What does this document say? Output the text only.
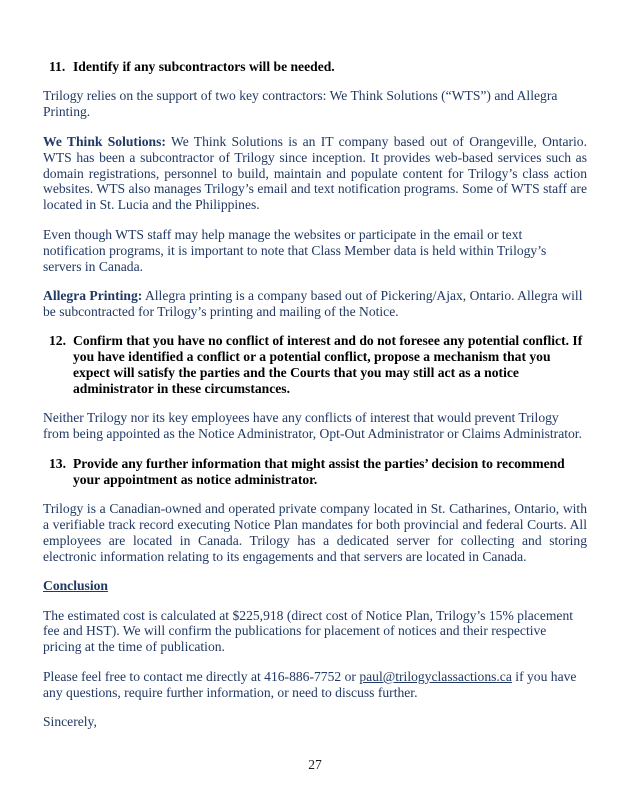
11. Identify if any subcontractors will be needed.
Trilogy relies on the support of two key contractors: We Think Solutions (“WTS”) and Allegra Printing.
We Think Solutions: We Think Solutions is an IT company based out of Orangeville, Ontario. WTS has been a subcontractor of Trilogy since inception. It provides web-based services such as domain registrations, personnel to build, maintain and populate content for Trilogy’s class action websites. WTS also manages Trilogy’s email and text notification programs. Some of WTS staff are located in St. Lucia and the Philippines.
Even though WTS staff may help manage the websites or participate in the email or text notification programs, it is important to note that Class Member data is held within Trilogy’s servers in Canada.
Allegra Printing: Allegra printing is a company based out of Pickering/Ajax, Ontario. Allegra will be subcontracted for Trilogy’s printing and mailing of the Notice.
12. Confirm that you have no conflict of interest and do not foresee any potential conflict. If you have identified a conflict or a potential conflict, propose a mechanism that you expect will satisfy the parties and the Courts that you may still act as a notice administrator in these circumstances.
Neither Trilogy nor its key employees have any conflicts of interest that would prevent Trilogy from being appointed as the Notice Administrator, Opt-Out Administrator or Claims Administrator.
13. Provide any further information that might assist the parties’ decision to recommend your appointment as notice administrator.
Trilogy is a Canadian-owned and operated private company located in St. Catharines, Ontario, with a verifiable track record executing Notice Plan mandates for both provincial and federal Courts. All employees are located in Canada. Trilogy has a dedicated server for collecting and storing electronic information relating to its engagements and that servers are located in Canada.
Conclusion
The estimated cost is calculated at $225,918 (direct cost of Notice Plan, Trilogy’s 15% placement fee and HST). We will confirm the publications for placement of notices and their respective pricing at the time of publication.
Please feel free to contact me directly at 416-886-7752 or paul@trilogyclassactions.ca if you have any questions, require further information, or need to discuss further.
Sincerely,
27
